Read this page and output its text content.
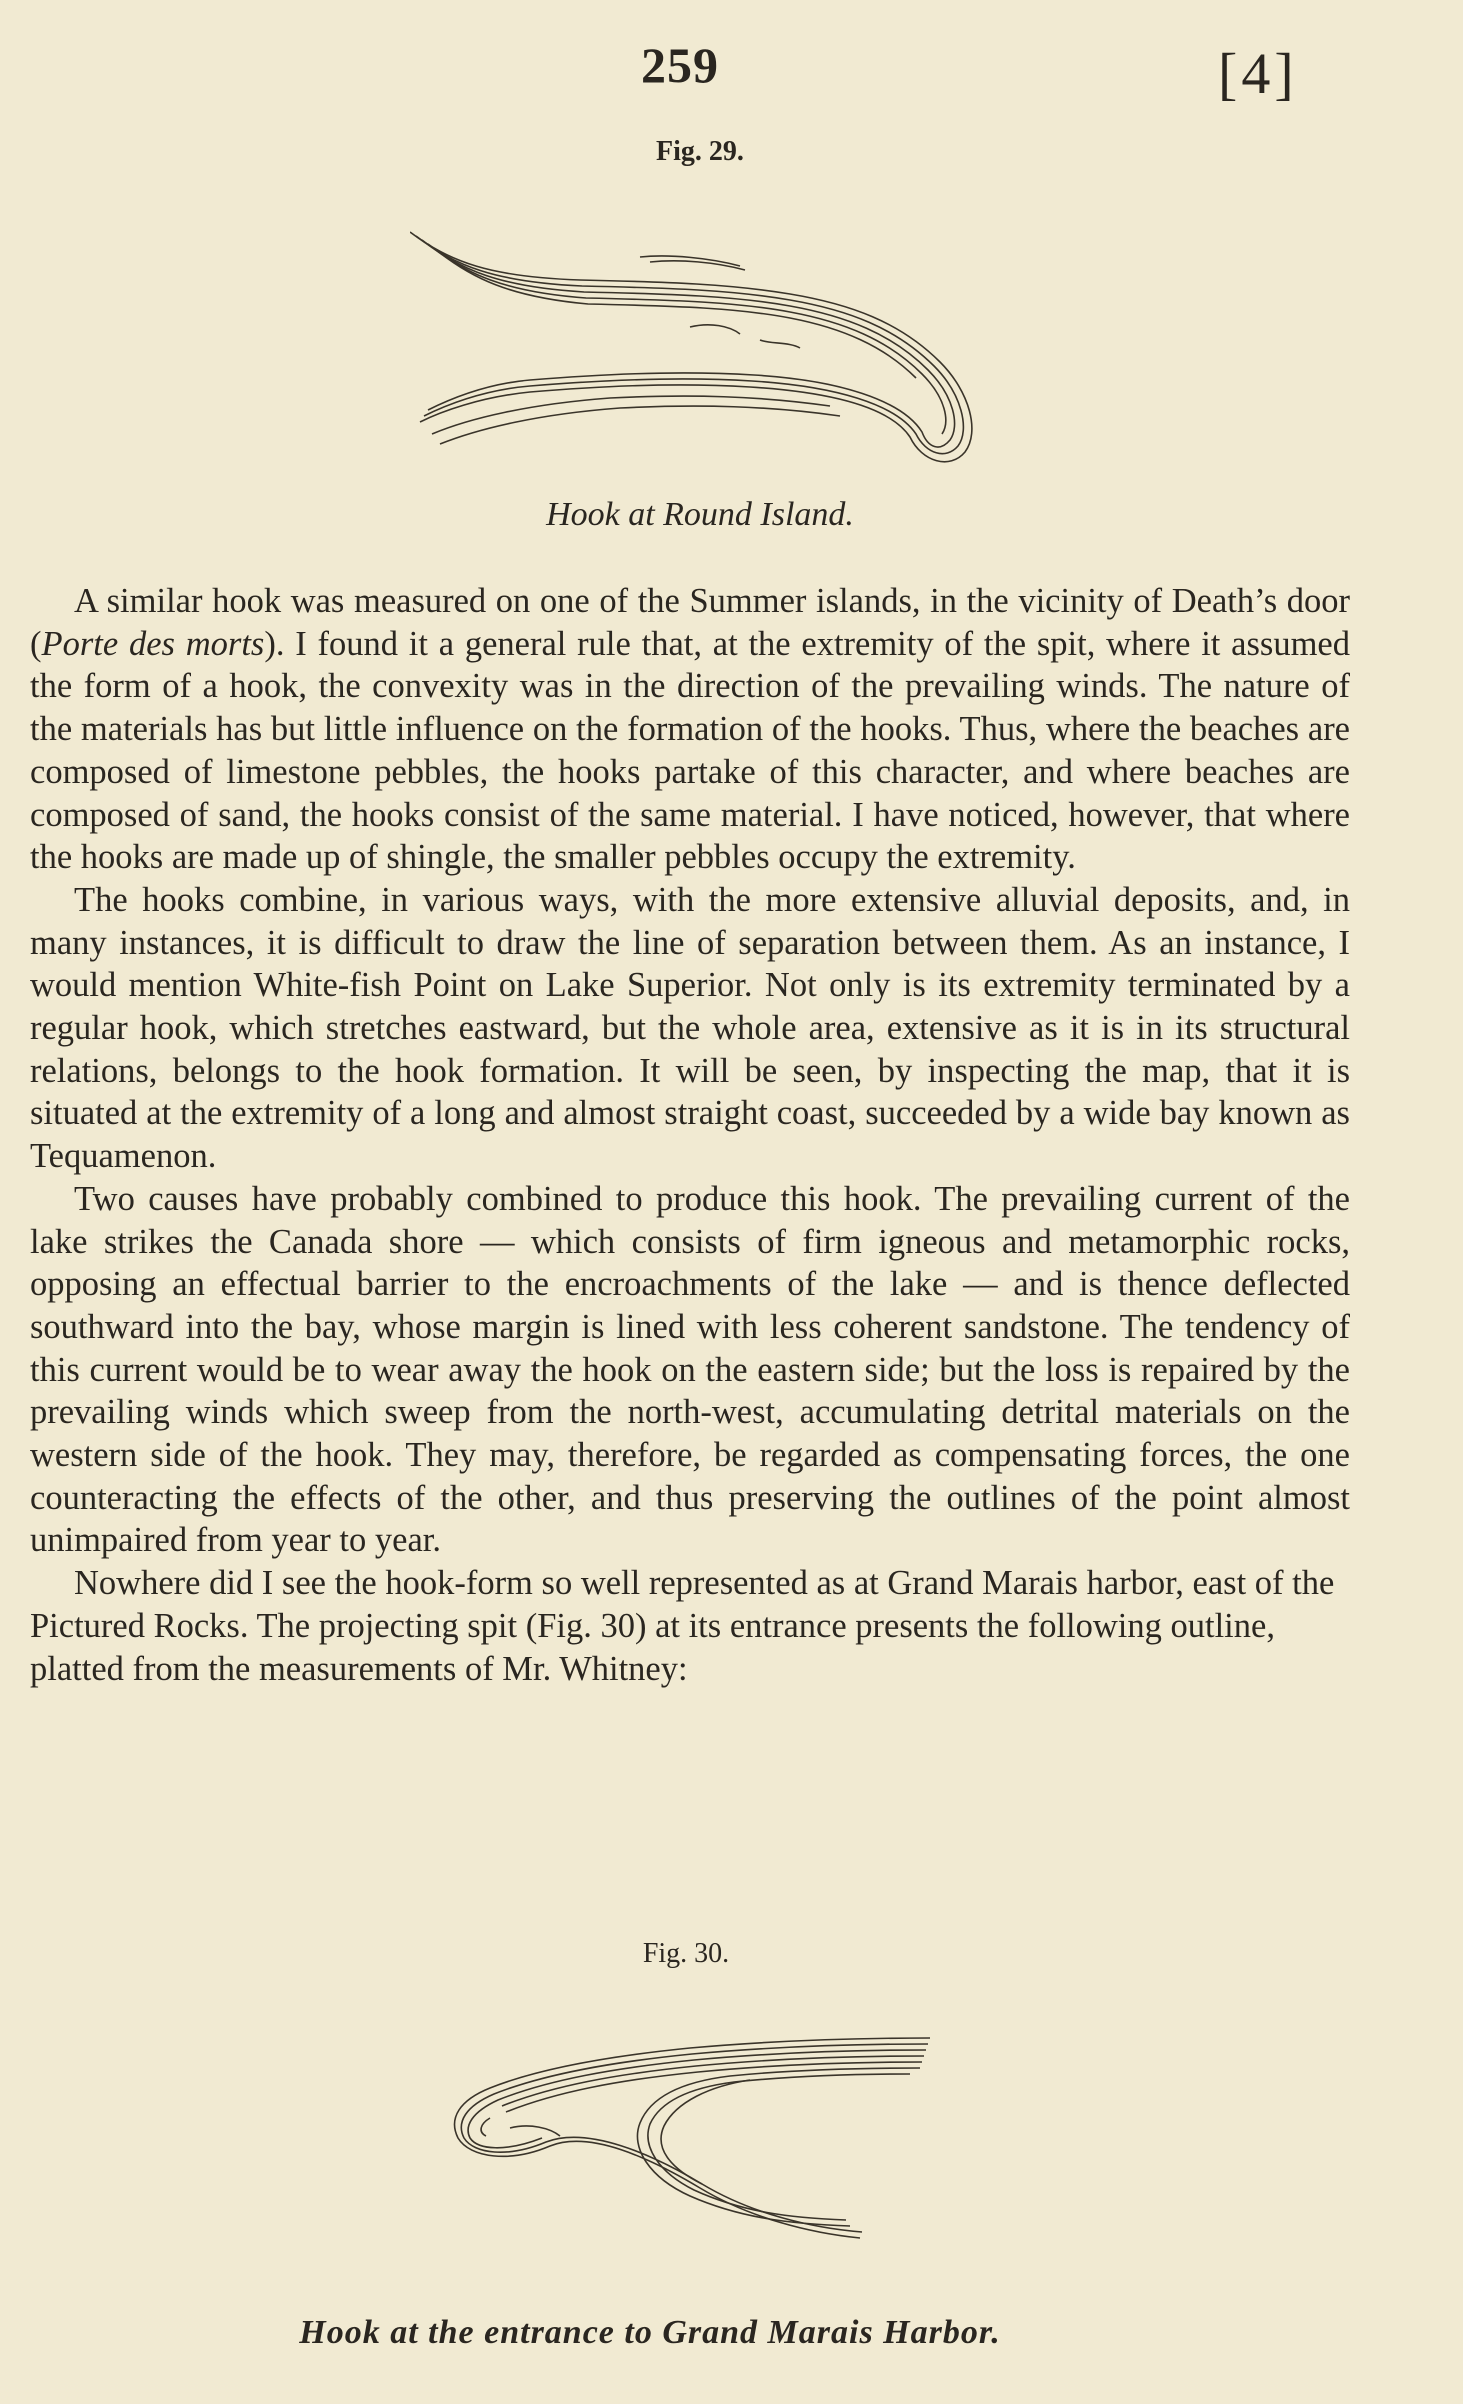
259	[4]
Fig. 29.
Hook at Round Island.

A similar hook was measured on one of the Summer islands, in the vicinity of Death’s door (Porte des morts). I found it a general rule that, at the extremity of the spit, where it assumed the form of a hook, the convexity was in the direction of the prevailing winds. The nature of the materials has but little influence on the formation of the hooks. Thus, where the beaches are composed of limestone pebbles, the hooks partake of this character, and where beaches are composed of sand, the hooks consist of the same material. I have noticed, however, that where the hooks are made up of shingle, the smaller pebbles occupy the extremity.

The hooks combine, in various ways, with the more extensive alluvial deposits, and, in many instances, it is difficult to draw the line of separation between them. As an instance, I would mention White-fish Point on Lake Superior. Not only is its extremity terminated by a regular hook, which stretches eastward, but the whole area, extensive as it is in its structural relations, belongs to the hook formation. It will be seen, by inspecting the map, that it is situated at the extremity of a long and almost straight coast, succeeded by a wide bay known as Tequamenon.

Two causes have probably combined to produce this hook. The prevailing current of the lake strikes the Canada shore — which consists of firm igneous and metamorphic rocks, opposing an effectual barrier to the encroachments of the lake — and is thence deflected southward into the bay, whose margin is lined with less coherent sandstone. The tendency of this current would be to wear away the hook on the eastern side; but the loss is repaired by the prevailing winds which sweep from the north-west, accumulating detrital materials on the western side of the hook. They may, therefore, be regarded as compensating forces, the one counteracting the effects of the other, and thus preserving the outlines of the point almost unimpaired from year to year.

Nowhere did I see the hook-form so well represented as at Grand Marais harbor, east of the Pictured Rocks. The projecting spit (Fig. 30) at its entrance presents the following outline, platted from the measurements of Mr. Whitney:

Fig. 30.
Hook at the entrance to Grand Marais Harbor.
